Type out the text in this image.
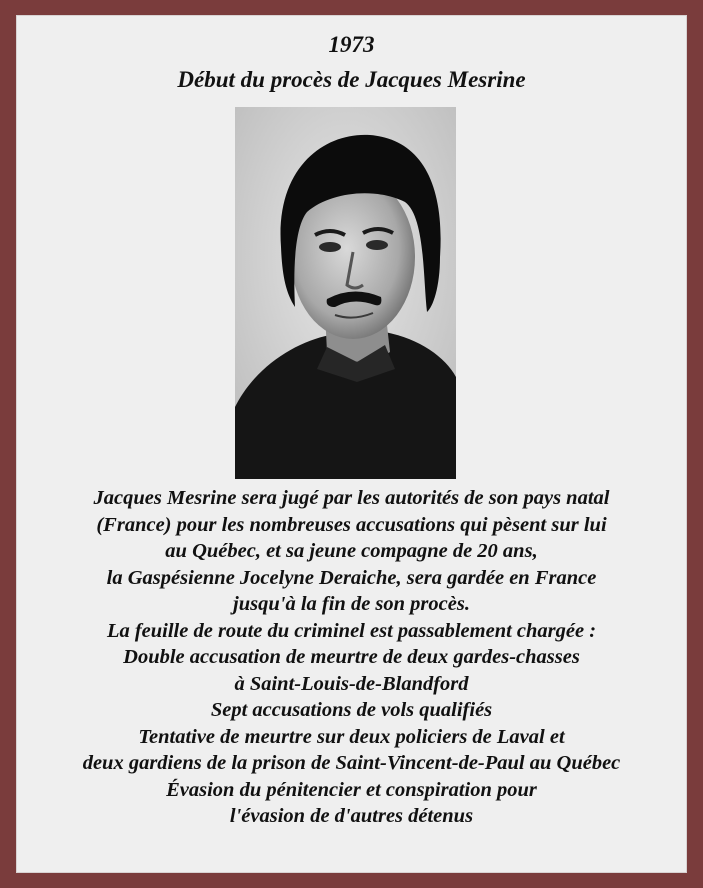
1973
Début du procès de Jacques Mesrine

Jacques Mesrine sera jugé par les autorités de son pays natal
(France) pour les nombreuses accusations qui pèsent sur lui
au Québec, et sa jeune compagne de 20 ans,
la Gaspésienne Jocelyne Deraiche, sera gardée en France
jusqu'à la fin de son procès.
La feuille de route du criminel est passablement chargée :
Double accusation de meurtre de deux gardes-chasses
à Saint-Louis-de-Blandford
Sept accusations de vols qualifiés
Tentative de meurtre sur deux policiers de Laval et
deux gardiens de la prison de Saint-Vincent-de-Paul au Québec
Évasion du pénitencier et conspiration pour
l'évasion de d'autres détenus
